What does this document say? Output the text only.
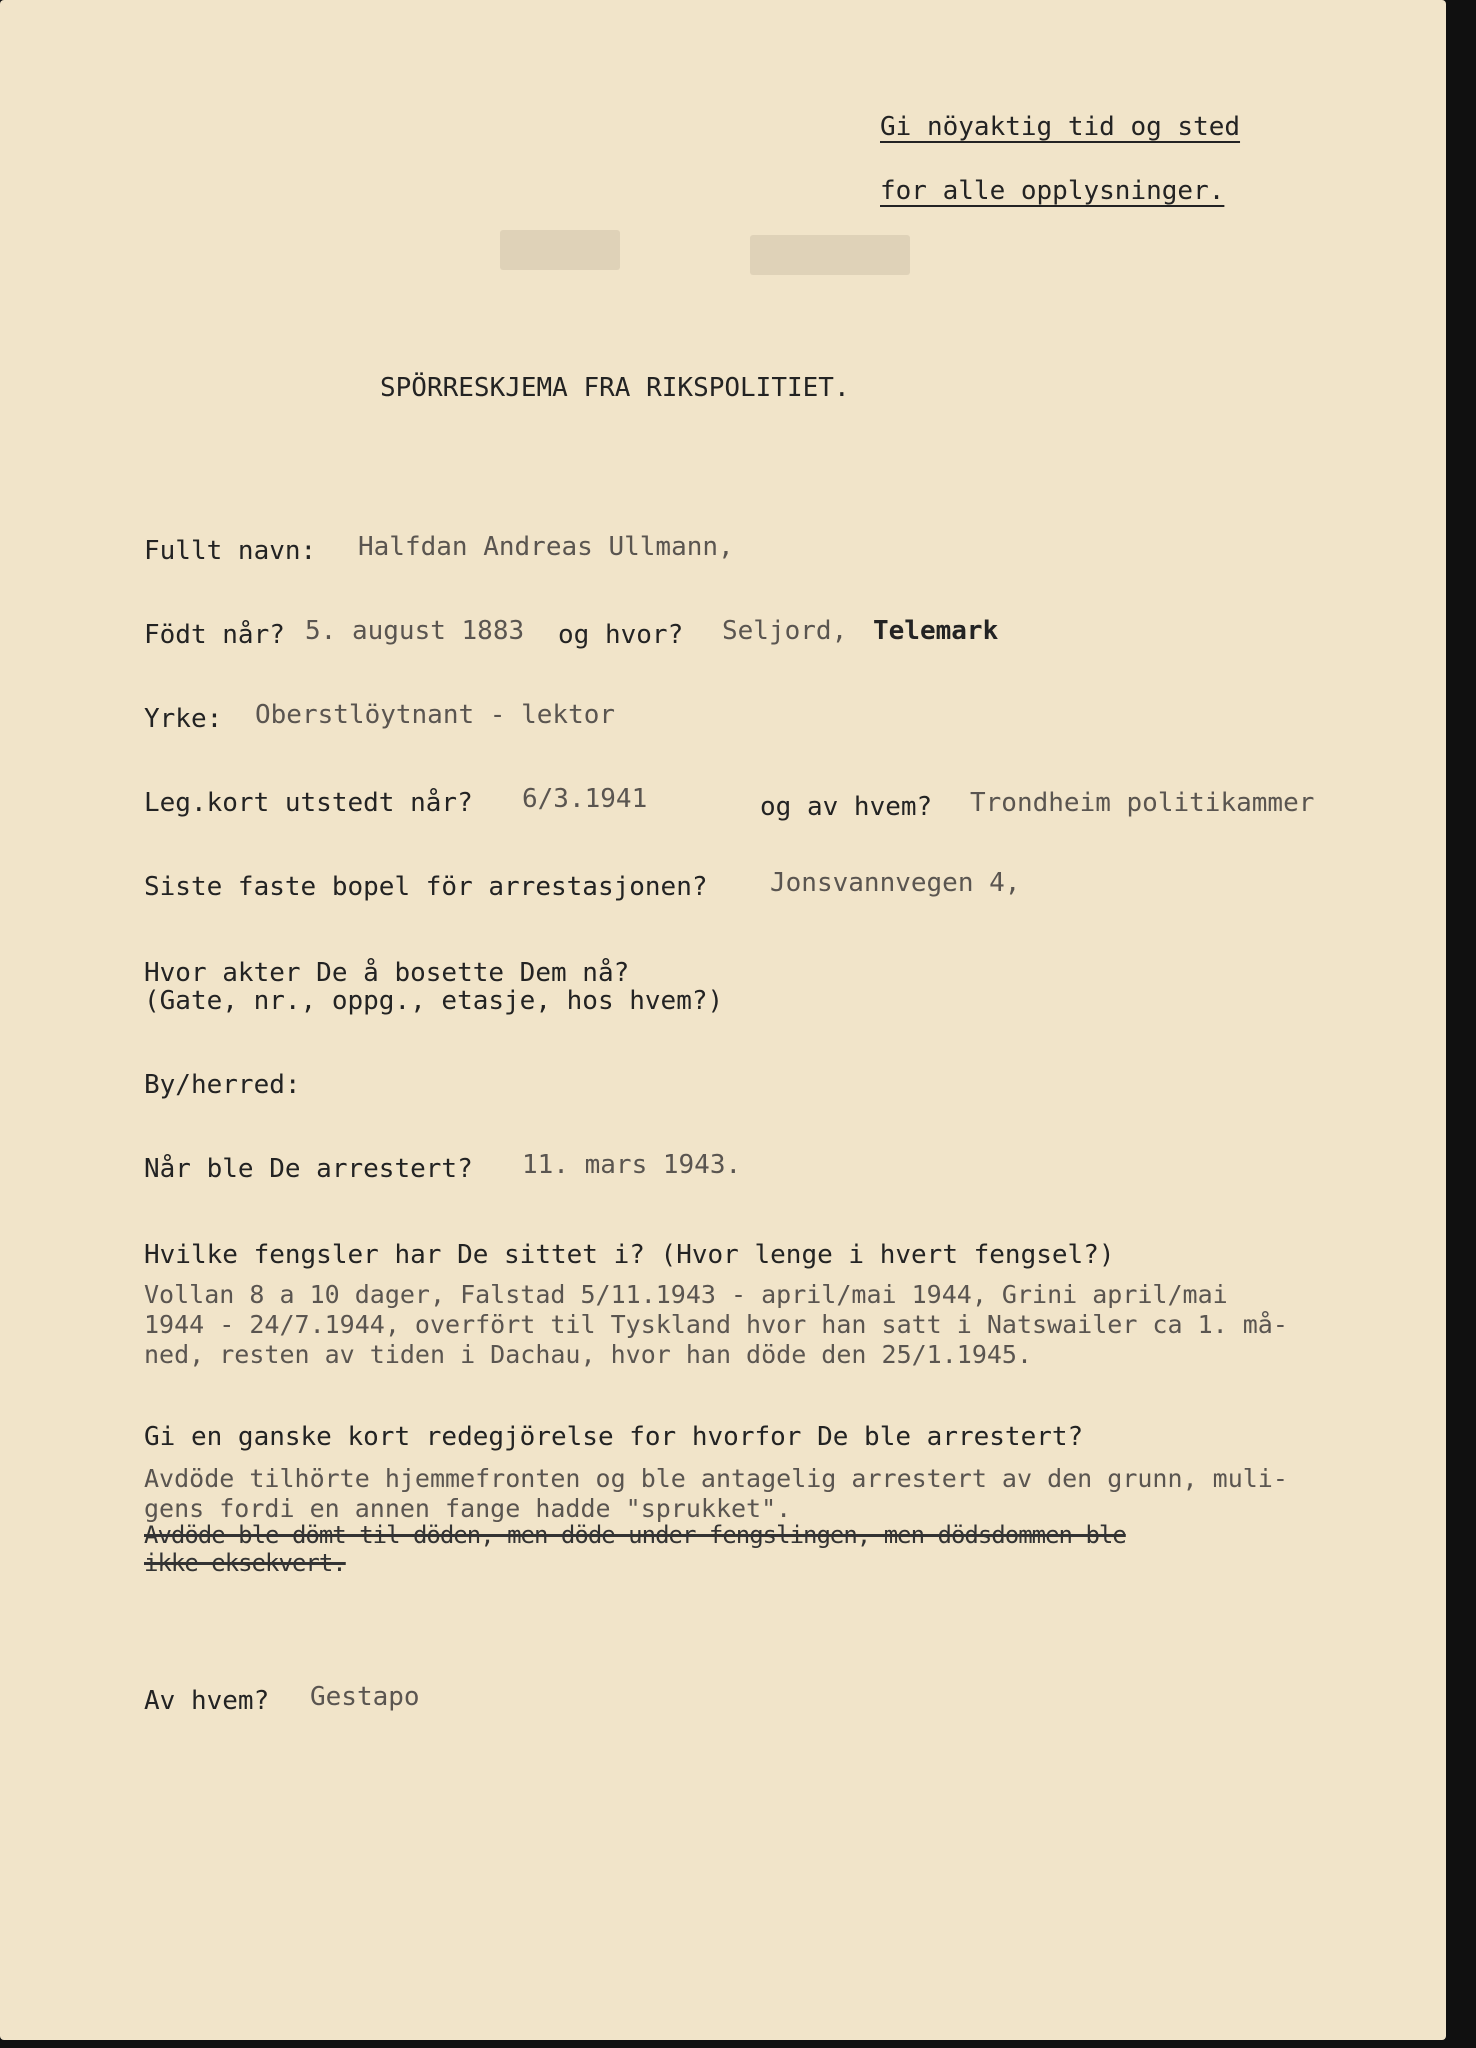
Gi nöyaktig tid og sted
for alle opplysninger.
SPÖRRESKJEMA FRA RIKSPOLITIET.
Fullt navn: Halfdan Andreas Ullmann,
Födt når? 5. august 1883 og hvor? Seljord, Telemark
Yrke: Oberstlöytnant - lektor
Leg.kort utstedt når? 6/3.1941	og av hvem? Trondheim politikammer
Siste faste bopel för arrestasjonen? Jonsvannvegen 4,
Hvor akter De å bosette Dem nå?
(Gate, nr., oppg., etasje, hos hvem?)
By/herred:
Når ble De arrestert? 11. mars 1943.
Hvilke fengsler har De sittet i? (Hvor lenge i hvert fengsel?)
Vollan 8 a 10 dager, Falstad 5/11.1943 - april/mai 1944, Grini april/mai
1944 - 24/7.1944, overfört til Tyskland hvor han satt i Natswailer ca 1. må-
ned, resten av tiden i Dachau, hvor han döde den 25/1.1945.
Gi en ganske kort redegjörelse for hvorfor De ble arrestert?
Avdöde tilhörte hjemmefronten og ble antagelig arrestert av den grunn, muli-
gens fordi en annen fange hadde "sprukket".
Avdöde ble dömt til döden, men döde under fengslingen, men dödsdommen ble
ikke eksekvert.
Av hvem? Gestapo
